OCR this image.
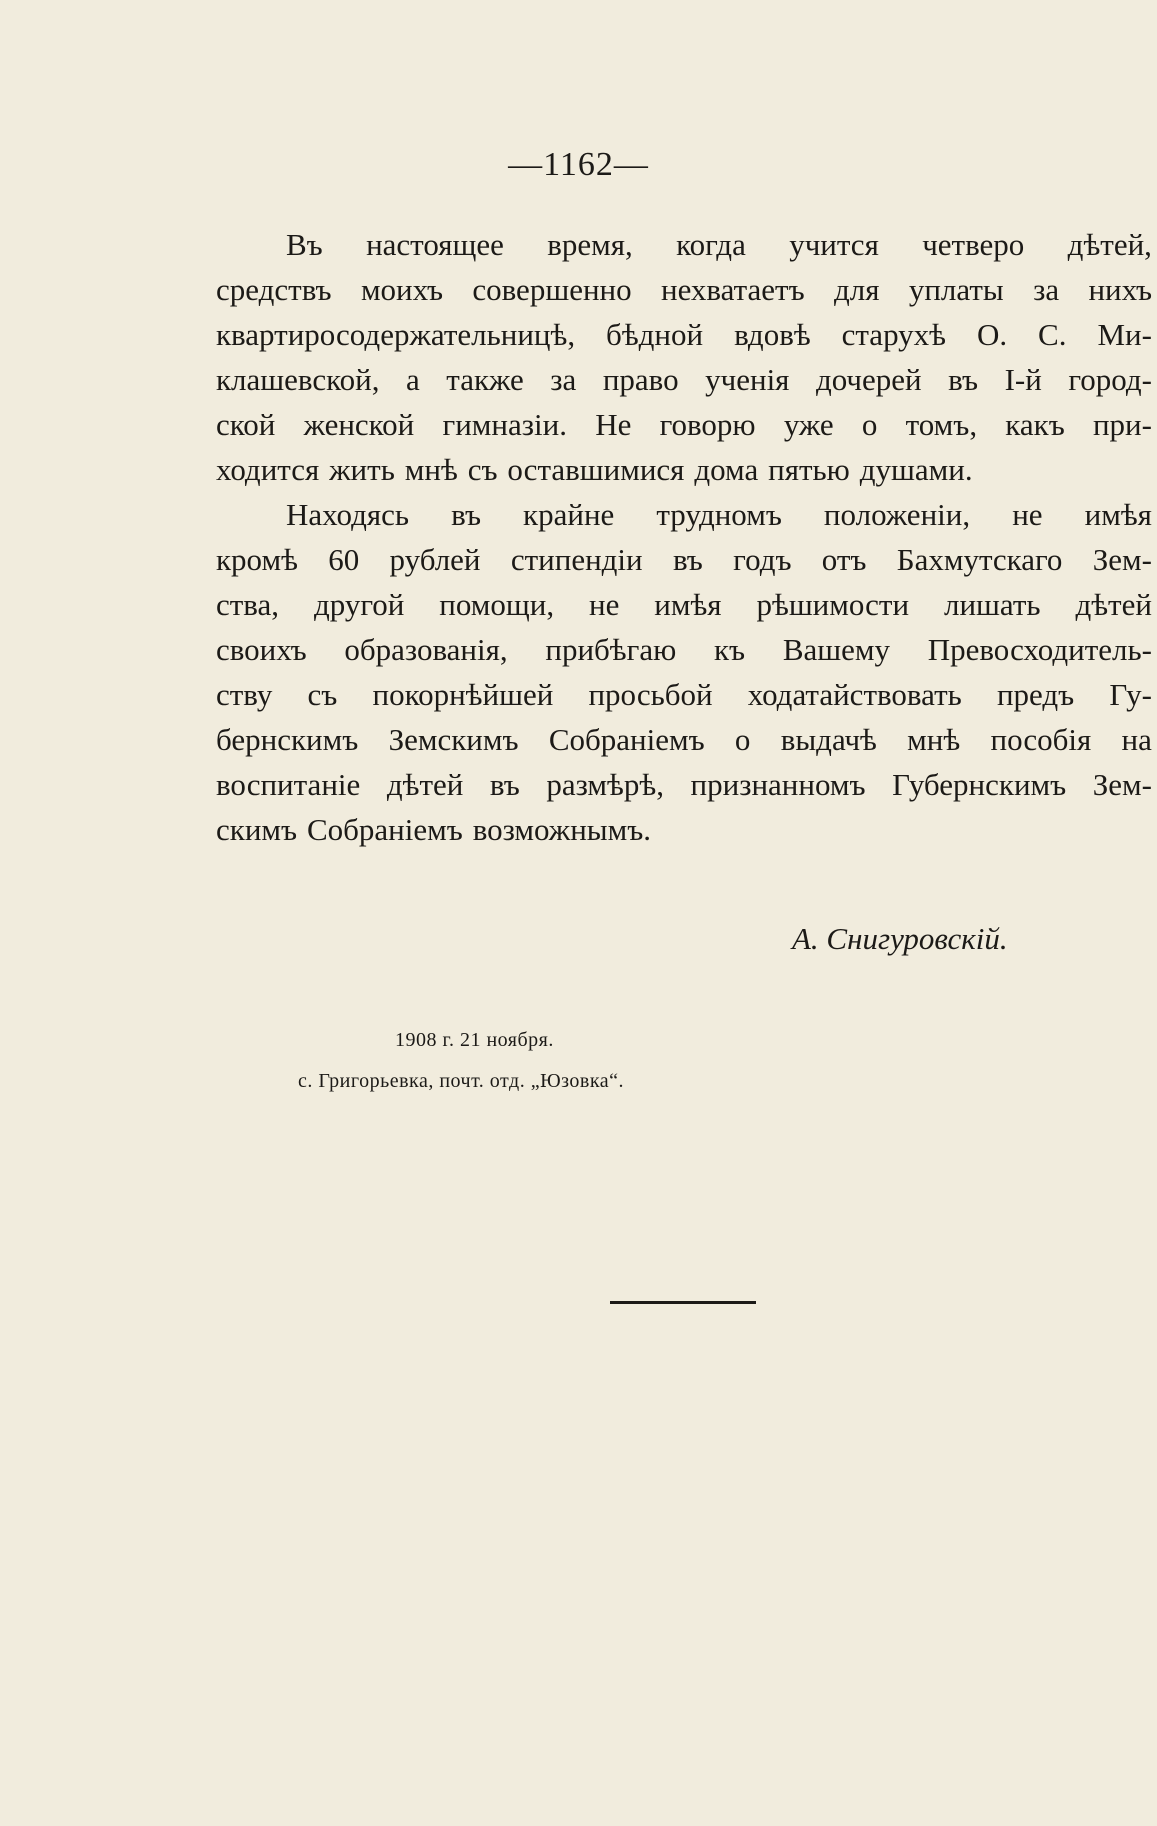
—1162—
Въ настоящее время, когда учится четверо дѣтей,
средствъ моихъ совершенно нехватаетъ для уплаты за нихъ
квартиросодержательницѣ, бѣдной вдовѣ старухѣ О. С. Ми-
клашевской, а также за право ученія дочерей въ I-й город-
ской женской гимназіи. Не говорю уже о томъ, какъ при-
ходится жить мнѣ съ оставшимися дома пятью душами.
Находясь въ крайне трудномъ положеніи, не имѣя
кромѣ 60 рублей стипендіи въ годъ отъ Бахмутскаго Зем-
ства, другой помощи, не имѣя рѣшимости лишать дѣтей
своихъ образованія, прибѣгаю къ Вашему Превосходитель-
ству съ покорнѣйшей просьбой ходатайствовать предъ Гу-
бернскимъ Земскимъ Собраніемъ о выдачѣ мнѣ пособія на
воспитаніе дѣтей въ размѣрѣ, признанномъ Губернскимъ Зем-
скимъ Собраніемъ возможнымъ.
А. Снигуровскій.
1908 г. 21 ноября.
с. Григорьевка, почт. отд. „Юзовка“.
